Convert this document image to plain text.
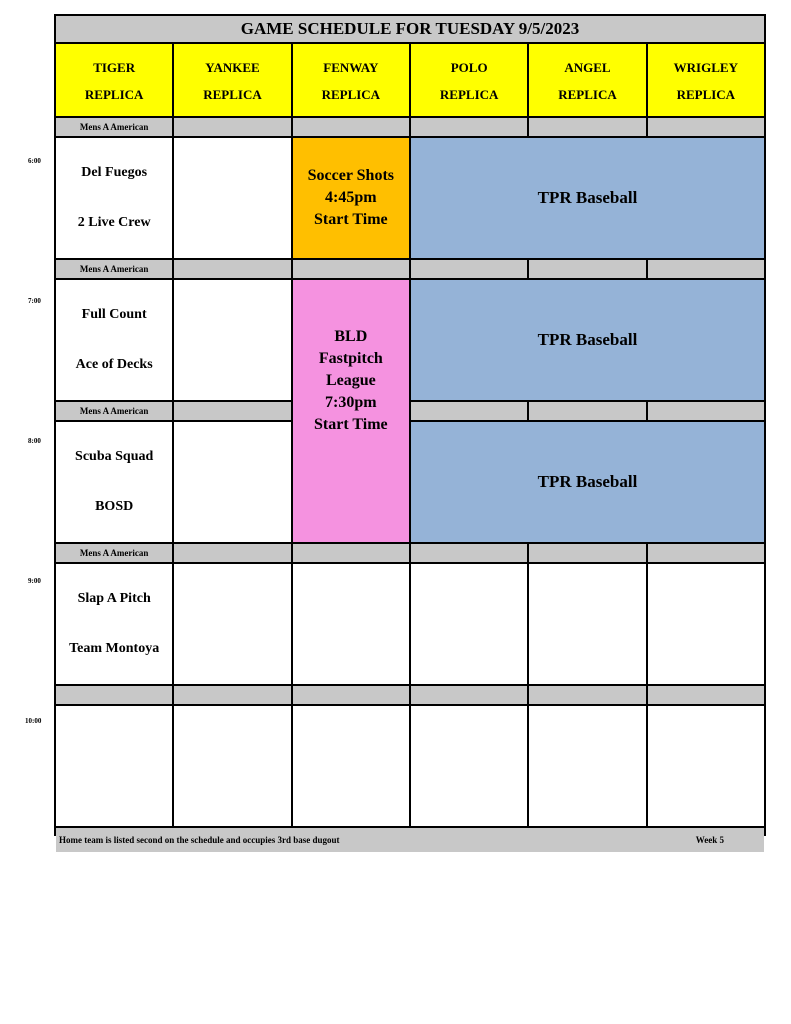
GAME SCHEDULE FOR TUESDAY 9/5/2023
TIGER
REPLICA
YANKEE
REPLICA
FENWAY
REPLICA
POLO
REPLICA
ANGEL
REPLICA
WRIGLEY
REPLICA
Mens A American
Del Fuegos
2 Live Crew
Soccer Shots
4:45pm
Start Time
TPR Baseball
Mens A American
Full Count
Ace of Decks
BLD
Fastpitch
League
7:30pm
Start Time
TPR Baseball
Mens A American
Scuba Squad
BOSD
TPR Baseball
Mens A American
Slap A Pitch
Team Montoya
Home team is listed second on the schedule and occupies 3rd base dugout	Week 5
6:00
7:00
8:00
9:00
10:00
